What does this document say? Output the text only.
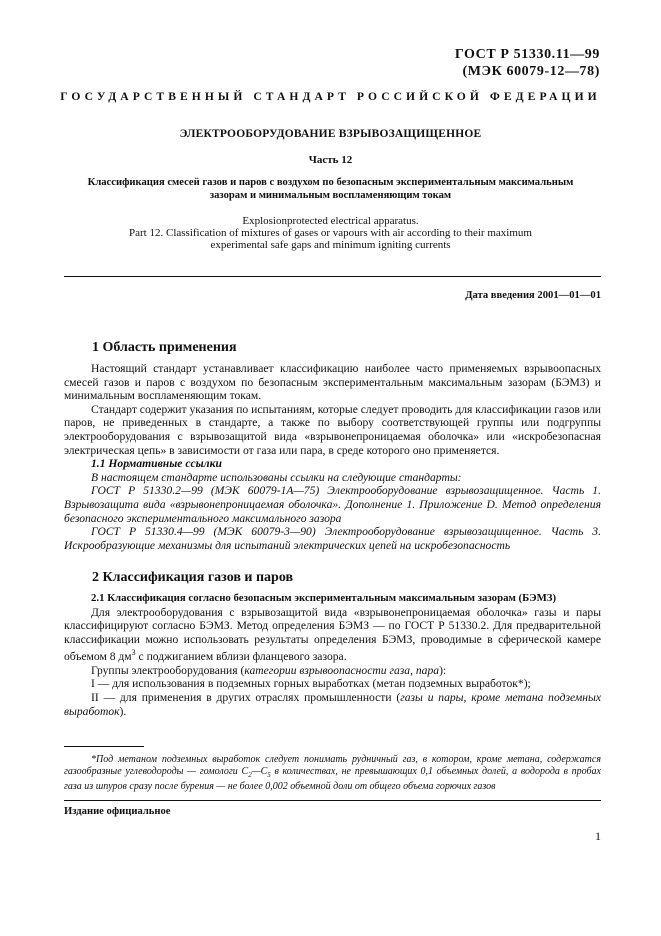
ГОСТ Р 51330.11—99
(МЭК 60079-12—78)
ГОСУДАРСТВЕННЫЙ СТАНДАРТ РОССИЙСКОЙ ФЕДЕРАЦИИ
ЭЛЕКТРООБОРУДОВАНИЕ ВЗРЫВОЗАЩИЩЕННОЕ
Часть 12
Классификация смесей газов и паров с воздухом по безопасным экспериментальным максимальным
зазорам и минимальным воспламеняющим токам
Explosionprotected electrical apparatus.
Part 12. Classification of mixtures of gases or vapours with air according to their maximum
experimental safe gaps and minimum igniting currents
Дата введения 2001—01—01
1 Область применения

Настоящий стандарт устанавливает классификацию наиболее часто применяемых взрывоопасных смесей газов и паров с воздухом по безопасным экспериментальным максимальным зазорам (БЭМЗ) и минимальным воспламеняющим токам.

Стандарт содержит указания по испытаниям, которые следует проводить для классификации газов или паров, не приведенных в стандарте, а также по выбору соответствующей группы или подгруппы электрооборудования с взрывозащитой вида «взрывонепроницаемая оболочка» или «искробезопасная электрическая цепь» в зависимости от газа или пара, в среде которого оно применяется.

1.1 Нормативные ссылки

В настоящем стандарте использованы ссылки на следующие стандарты:

ГОСТ Р 51330.2—99 (МЭК 60079-1А—75) Электрооборудование взрывозащищенное. Часть 1. Взрывозащита вида «взрывонепроницаемая оболочка». Дополнение 1. Приложение D. Метод определения безопасного экспериментального максимального зазора

ГОСТ Р 51330.4—99 (МЭК 60079-3—90) Электрооборудование взрывозащищенное. Часть 3. Искрообразующие механизмы для испытаний электрических цепей на искробезопасность

2 Классификация газов и паров

2.1 Классификация согласно безопасным экспериментальным максимальным зазорам (БЭМЗ)

Для электрооборудования с взрывозащитой вида «взрывонепроницаемая оболочка» газы и пары классифицируют согласно БЭМЗ. Метод определения БЭМЗ — по ГОСТ Р 51330.2. Для предварительной классификации можно использовать результаты определения БЭМЗ, проводимые в сферической камере объемом 8 $дм^3$ с поджиганием вблизи фланцевого зазора.

Группы электрооборудования (категории взрывоопасности газа, пара):

I — для использования в подземных горных выработках (метан подземных выработок*);

II — для применения в других отраслях промышленности (газы и пары, кроме метана подземных выработок).

*Под метаном подземных выработок следует понимать рудничный газ, в котором, кроме метана, содержатся газообразные углеводороды — гомологи $C_2—C_5$ в количествах, не превышающих 0,1 объемных долей, а водорода в пробах газа из шпуров сразу после бурения — не более 0,002 объемной доли от общего объема горючих газов
Издание официальное
1
